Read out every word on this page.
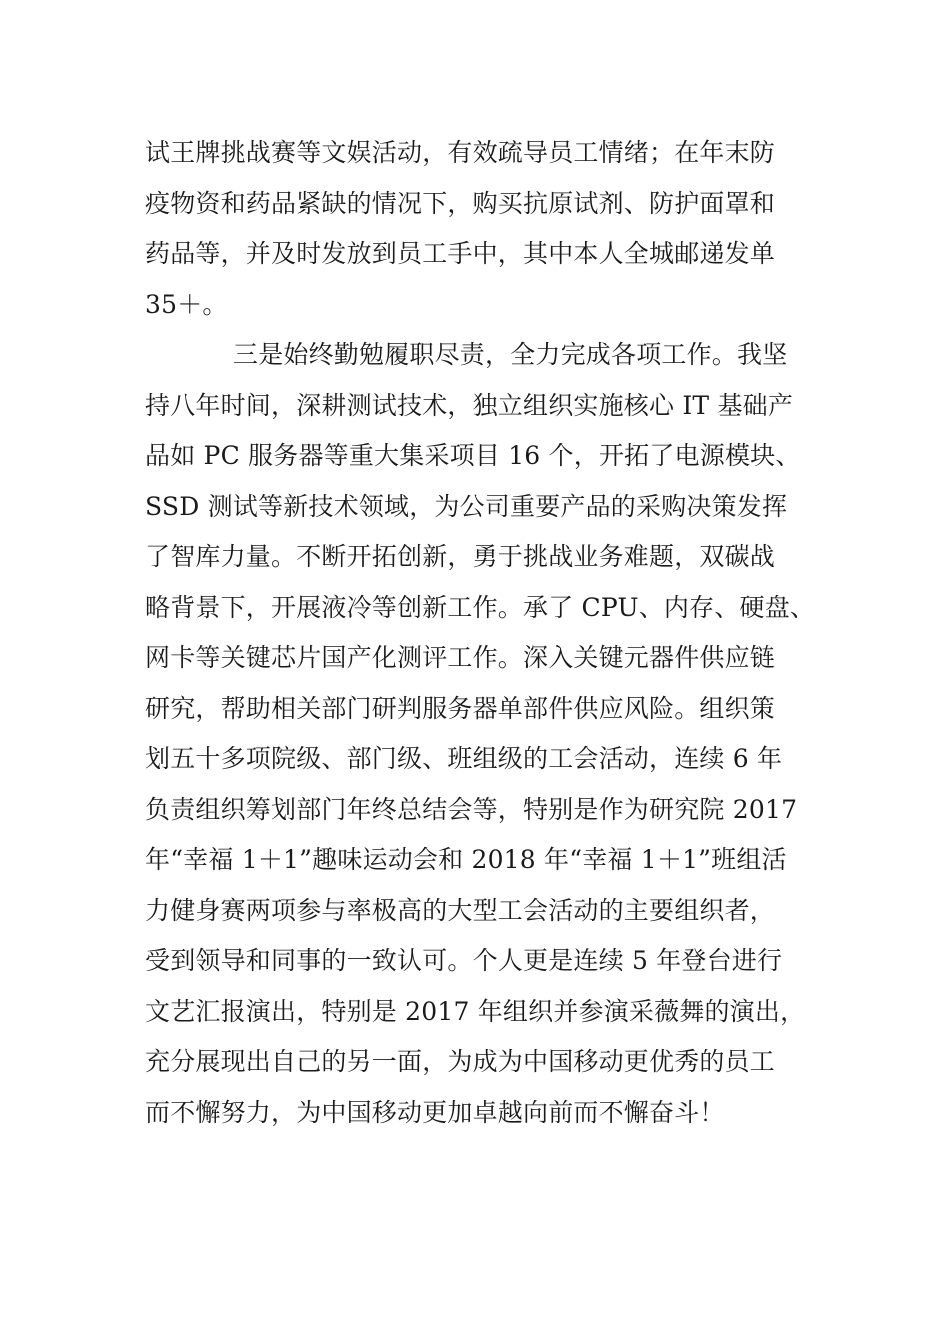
试王牌挑战赛等文娱活动，有效疏导员工情绪；在年末防
疫物资和药品紧缺的情况下，购买抗原试剂、防护面罩和
药品等，并及时发放到员工手中，其中本人全城邮递发单
35＋。
三是始终勤勉履职尽责，全力完成各项工作。我坚
持八年时间，深耕测试技术，独立组织实施核心 IT 基础产
品如 PC 服务器等重大集采项目 16 个，开拓了电源模块、
SSD 测试等新技术领域，为公司重要产品的采购决策发挥
了智库力量。不断开拓创新，勇于挑战业务难题，双碳战
略背景下，开展液冷等创新工作。承了 CPU、内存、硬盘、
网卡等关键芯片国产化测评工作。深入关键元器件供应链
研究，帮助相关部门研判服务器单部件供应风险。组织策
划五十多项院级、部门级、班组级的工会活动，连续 6 年
负责组织筹划部门年终总结会等，特别是作为研究院 2017
年“幸福 1＋1”趣味运动会和 2018 年“幸福 1＋1”班组活
力健身赛两项参与率极高的大型工会活动的主要组织者，
受到领导和同事的一致认可。个人更是连续 5 年登台进行
文艺汇报演出，特别是 2017 年组织并参演采薇舞的演出，
充分展现出自己的另一面，为成为中国移动更优秀的员工
而不懈努力，为中国移动更加卓越向前而不懈奋斗！
